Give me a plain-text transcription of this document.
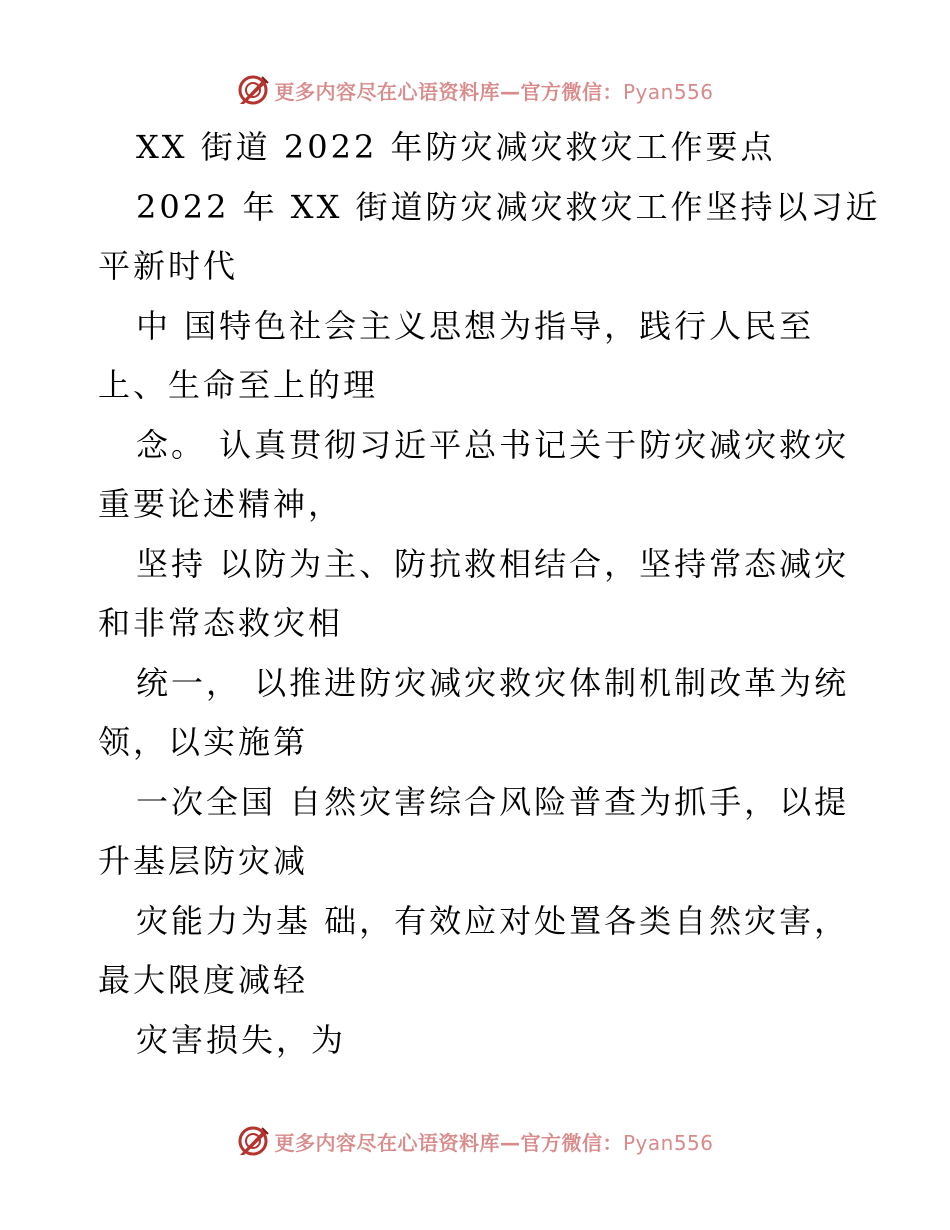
更多内容尽在心语资料库—官方微信：Pyan556
XX 街道 2022 年防灾减灾救灾工作要点
2022 年 XX 街道防灾减灾救灾工作坚持以习近
平新时代
中 国特色社会主义思想为指导，践行人民至
上、生命至上的理
念。 认真贯彻习近平总书记关于防灾减灾救灾
重要论述精神，
坚持 以防为主、防抗救相结合，坚持常态减灾
和非常态救灾相
统一， 以推进防灾减灾救灾体制机制改革为统
领，以实施第
一次全国 自然灾害综合风险普查为抓手，以提
升基层防灾减
灾能力为基 础，有效应对处置各类自然灾害，
最大限度减轻
灾害损失，为
更多内容尽在心语资料库—官方微信：Pyan556
